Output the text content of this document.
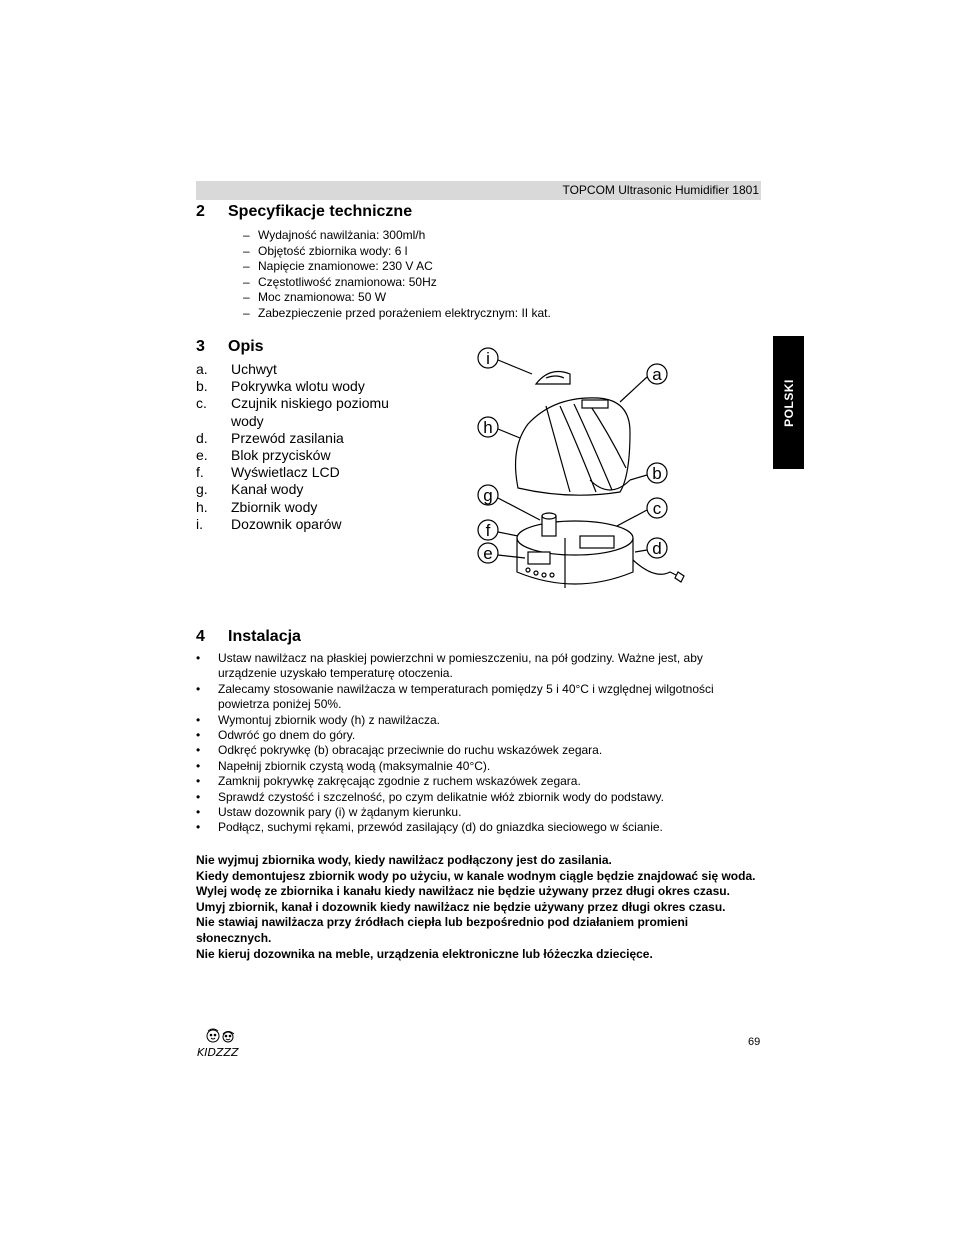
TOPCOM Ultrasonic Humidifier 1801
POLSKI
2 Specyfikacje techniczne
– Wydajność nawilżania: 300ml/h
– Objętość zbiornika wody: 6 l
– Napięcie znamionowe: 230 V AC
– Częstotliwość znamionowa: 50Hz
– Moc znamionowa: 50 W
– Zabezpieczenie przed porażeniem elektrycznym: II kat.
3 Opis
a.	Uchwyt
b.	Pokrywka wlotu wody
c.	Czujnik niskiego poziomu wody
d.	Przewód zasilania
e.	Blok przycisków
f.	Wyświetlacz LCD
g.	Kanał wody
h.	Zbiornik wody
i.	Dozownik oparów
i
a
h
b
g
c
f
d
e
4 Instalacja
•	Ustaw nawilżacz na płaskiej powierzchni w pomieszczeniu, na pół godziny. Ważne jest, aby urządzenie uzyskało temperaturę otoczenia.
•	Zalecamy stosowanie nawilżacza w temperaturach pomiędzy 5 i 40°C i względnej wilgotności powietrza poniżej 50%.
•	Wymontuj zbiornik wody (h) z nawilżacza.
•	Odwróć go dnem do góry.
•	Odkręć pokrywkę (b) obracając przeciwnie do ruchu wskazówek zegara.
•	Napełnij zbiornik czystą wodą (maksymalnie 40°C).
•	Zamknij pokrywkę zakręcając zgodnie z ruchem wskazówek zegara.
•	Sprawdź czystość i szczelność, po czym delikatnie włóż zbiornik wody do podstawy.
•	Ustaw dozownik pary (i) w żądanym kierunku.
•	Podłącz, suchymi rękami, przewód zasilający (d) do gniazdka sieciowego w ścianie.

Nie wyjmuj zbiornika wody, kiedy nawilżacz podłączony jest do zasilania.

Kiedy demontujesz zbiornik wody po użyciu, w kanale wodnym ciągle będzie znajdować się woda.

Wylej wodę ze zbiornika i kanału kiedy nawilżacz nie będzie używany przez długi okres czasu.

Umyj zbiornik, kanał i dozownik kiedy nawilżacz nie będzie używany przez długi okres czasu.

Nie stawiaj nawilżacza przy źródłach ciepła lub bezpośrednio pod działaniem promieni słonecznych.

Nie kieruj dozownika na meble, urządzenia elektroniczne lub łóżeczka dziecięce.

KIDZZZ
69
